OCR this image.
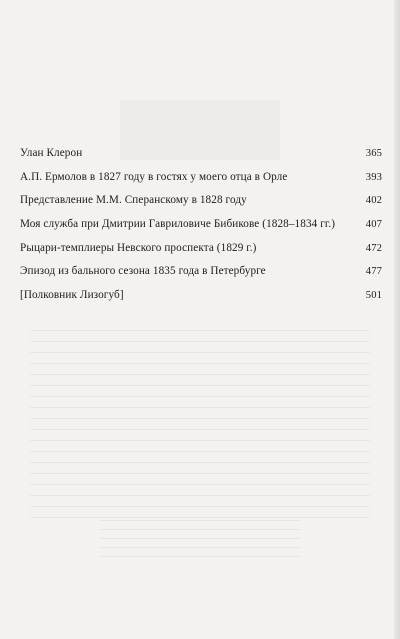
Улан Клерон	365
А.П. Ермолов в 1827 году в гостях у моего отца в Орле	393
Представление М.М. Сперанскому в 1828 году	402
Моя служба при Дмитрии Гавриловиче Бибикове (1828–1834 гг.)	407
Рыцари-темплиеры Невского проспекта (1829 г.)	472
Эпизод из бального сезона 1835 года в Петербурге	477
[Полковник Лизогуб]	501
